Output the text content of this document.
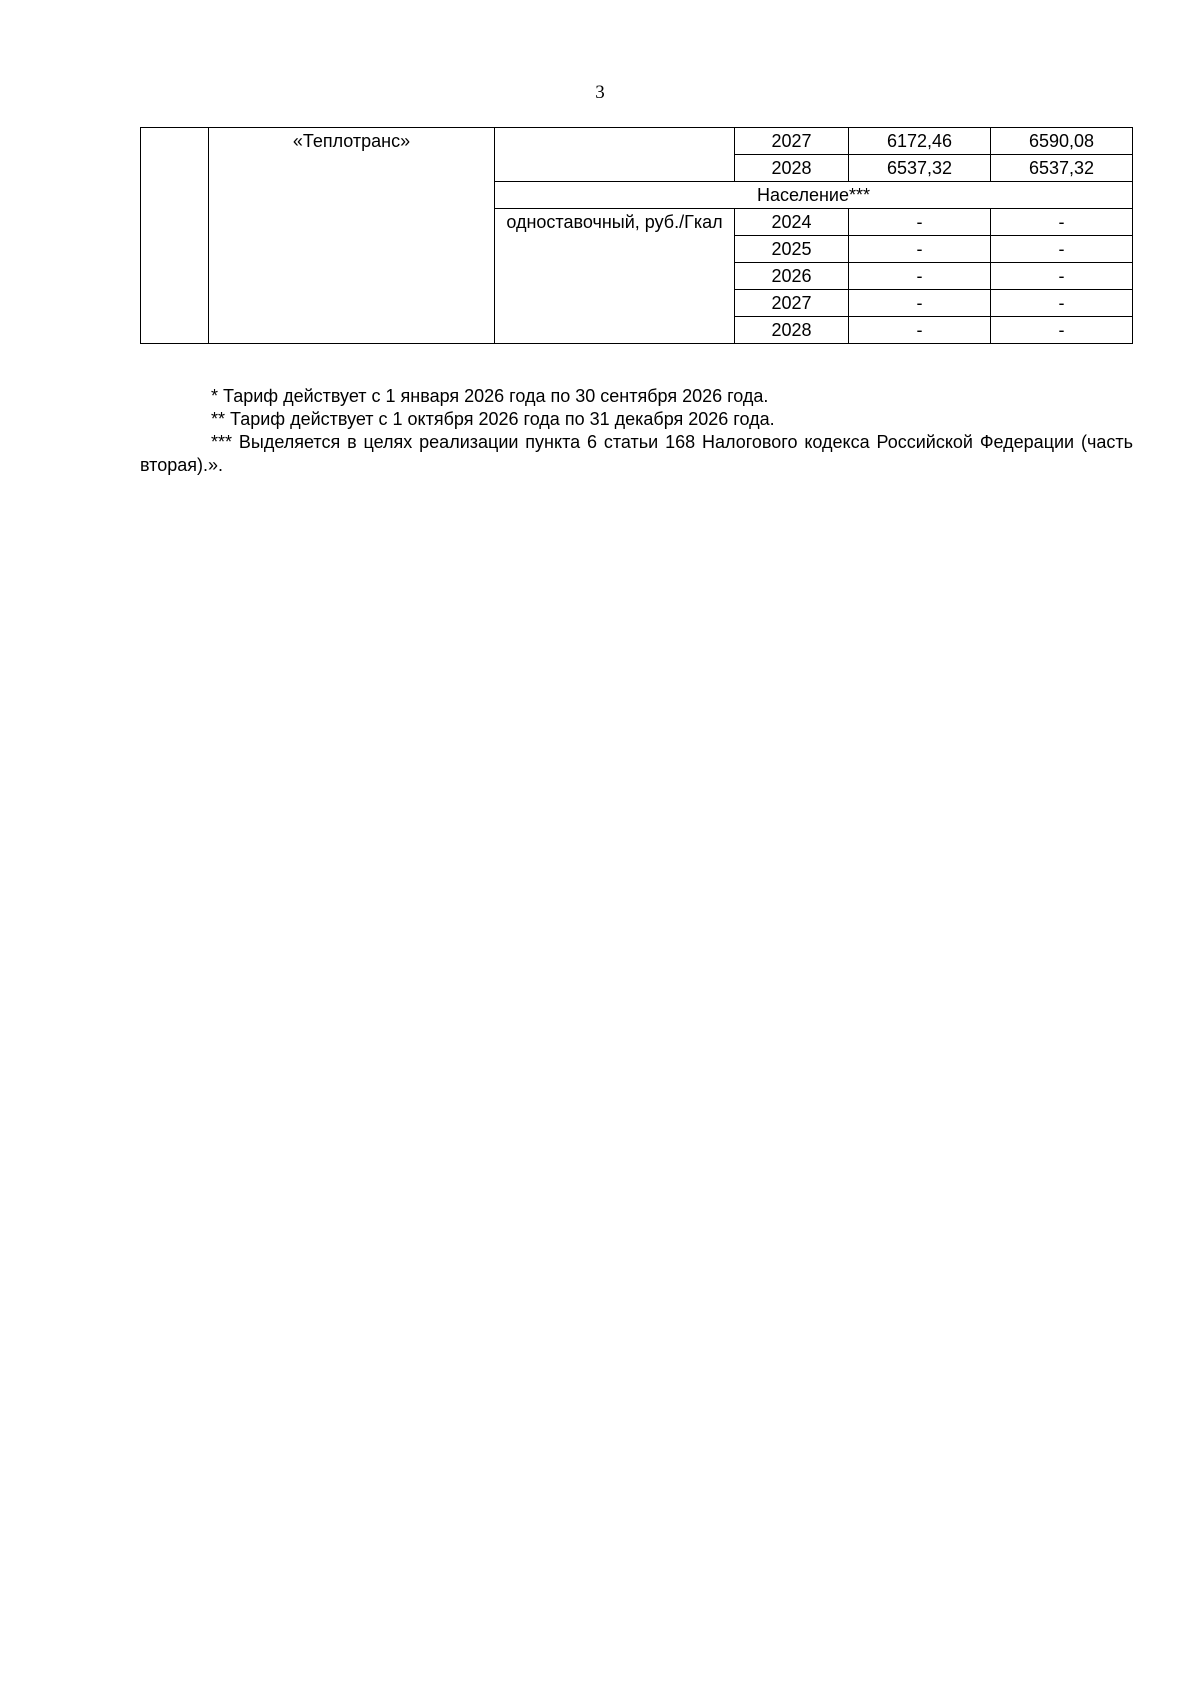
3
	«Теплотранс»		2027	6172,46	6590,08
			2028	6537,32	6537,32
		Население***			
		одноставочный, руб./Гкал	2024	-	-
			2025	-	-
			2026	-	-
			2027	-	-
			2028	-	-

* Тариф действует с 1 января 2026 года по 30 сентября 2026 года.

** Тариф действует с 1 октября 2026 года по 31 декабря 2026 года.

*** Выделяется в целях реализации пункта 6 статьи 168 Налогового кодекса Российской Федерации (часть вторая).».
